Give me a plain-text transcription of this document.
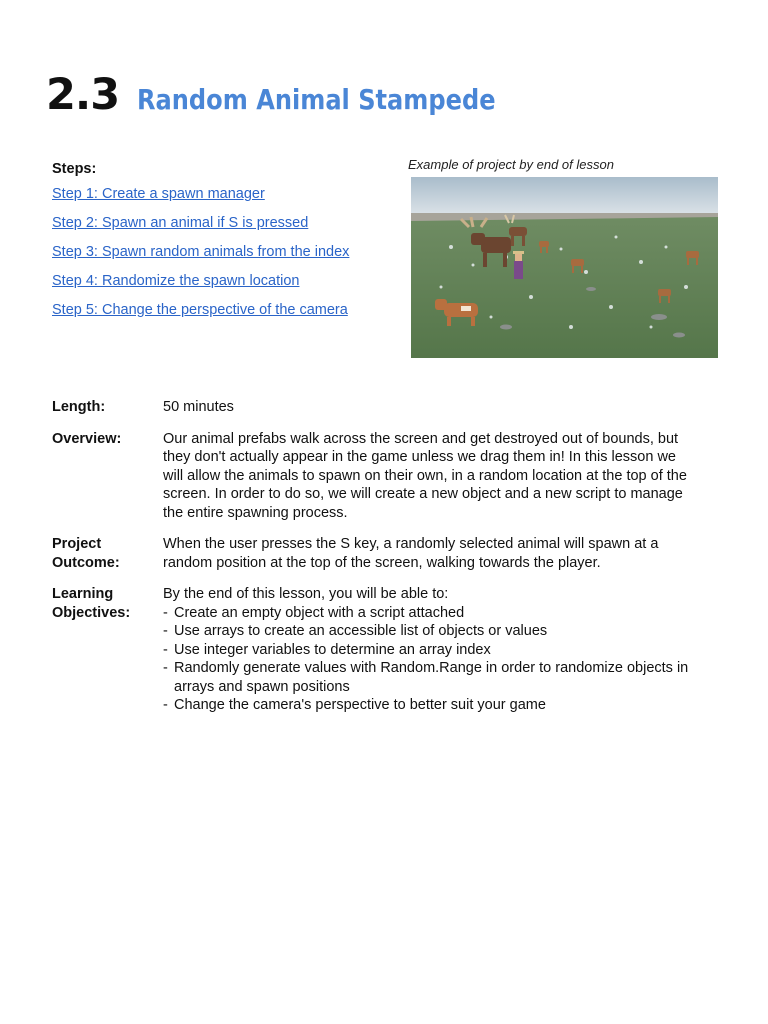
2.3 Random Animal Stampede
Steps:
Step 1: Create a spawn manager
Step 2: Spawn an animal if S is pressed
Step 3: Spawn random animals from the index
Step 4: Randomize the spawn location
Step 5: Change the perspective of the camera
Example of project by end of lesson
Length:	50 minutes
Overview:	Our animal prefabs walk across the screen and get destroyed out of bounds, but they don't actually appear in the game unless we drag them in! In this lesson we will allow the animals to spawn on their own, in a random location at the top of the screen. In order to do so, we will create a new object and a new script to manage the entire spawning process.
Project
Outcome:
When the user presses the S key, a randomly selected animal will spawn at a random position at the top of the screen, walking towards the player.
Learning
Objectives:
By the end of this lesson, you will be able to:
- Create an empty object with a script attached
- Use arrays to create an accessible list of objects or values
- Use integer variables to determine an array index
- Randomly generate values with Random.Range in order to randomize objects in arrays and spawn positions
- Change the camera's perspective to better suit your game
